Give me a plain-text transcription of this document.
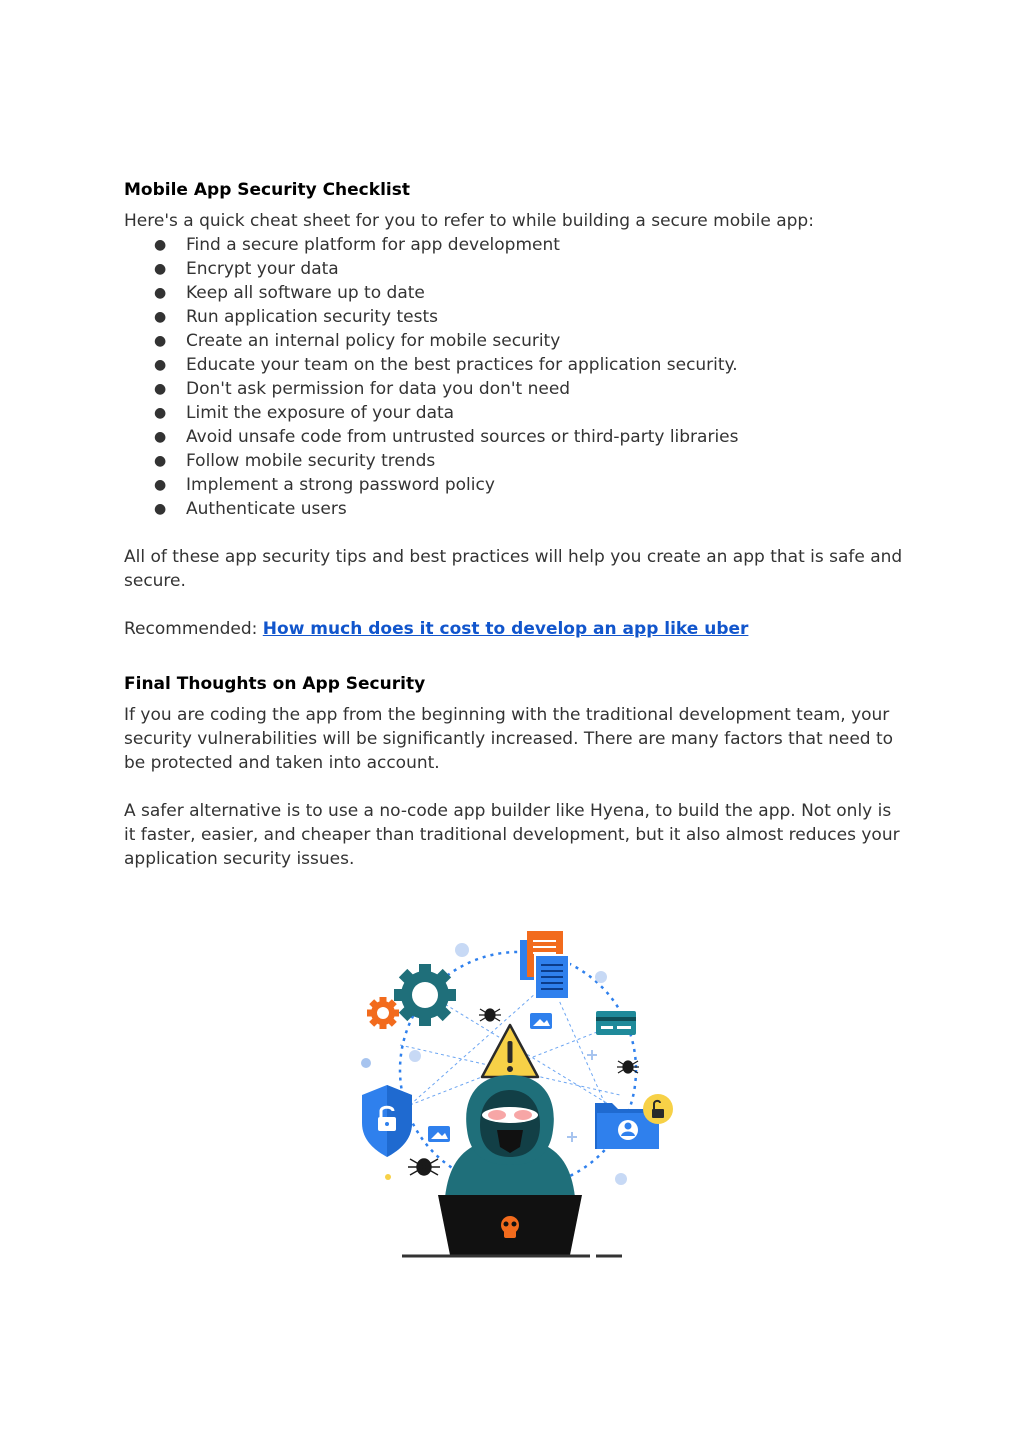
Mobile App Security Checklist

Here's a quick cheat sheet for you to refer to while building a secure mobile app:

● Find a secure platform for app development
● Encrypt your data
● Keep all software up to date
● Run application security tests
● Create an internal policy for mobile security
● Educate your team on the best practices for application security.
● Don't ask permission for data you don't need
● Limit the exposure of your data
● Avoid unsafe code from untrusted sources or third-party libraries
● Follow mobile security trends
● Implement a strong password policy
● Authenticate users

All of these app security tips and best practices will help you create an app that is safe and secure.

Recommended: How much does it cost to develop an app like uber

Final Thoughts on App Security

If you are coding the app from the beginning with the traditional development team, your security vulnerabilities will be significantly increased. There are many factors that need to be protected and taken into account.

A safer alternative is to use a no-code app builder like Hyena, to build the app. Not only is it faster, easier, and cheaper than traditional development, but it also almost reduces your application security issues.
